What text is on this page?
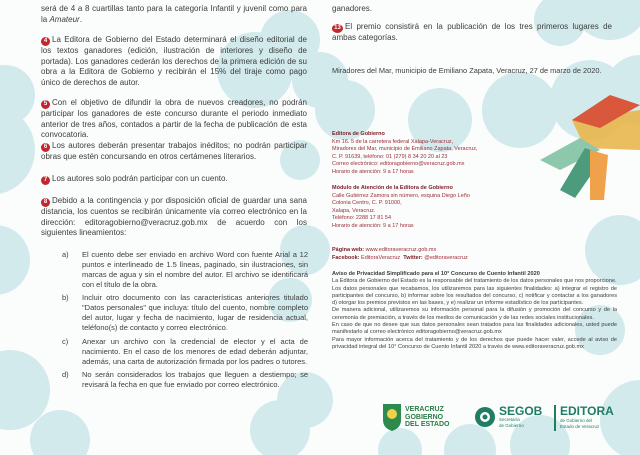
será de 4 a 8 cuartillas tanto para la categoría Infantil y juvenil como para la Amateur.

4 La Editora de Gobierno del Estado determinará el diseño editorial de los textos ganadores (edición, ilustración de interiores y diseño de portada). Los ganadores cederán los derechos de la primera edición de su obra a la Editora de Gobierno y recibirán el 15% del tiraje como pago único de derechos de autor.

5 Con el objetivo de difundir la obra de nuevos creadores, no podrán participar los ganadores de este concurso durante el periodo inmediato anterior de tres años, contados a partir de la fecha de publicación de esta convocatoria.

6 Los autores deberán presentar trabajos inéditos; no podrán participar obras que estén concursando en otros certámenes literarios.

7 Los autores solo podrán participar con un cuento.

8 Debido a la contingencia y por disposición oficial de guardar una sana distancia, los cuentos se recibirán únicamente vía correo electrónico en la dirección: editoragobierno@veracruz.gob.mx de acuerdo con los siguientes lineamientos:

a) El cuento debe ser enviado en archivo Word con fuente Arial a 12 puntos e interlineado de 1.5 líneas, paginado, sin ilustraciones, sin marcas de agua y sin el nombre del autor. El archivo se identificará con el título de la obra.
b) Incluir otro documento con las características anteriores titulado "Datos personales" que incluya: título del cuento, nombre completo del autor, lugar y fecha de nacimiento, lugar de residencia actual, teléfono(s) de contacto y correo electrónico.
c) Anexar un archivo con la credencial de elector y el acta de nacimiento. En el caso de los menores de edad deberán adjuntar, además, una carta de autorización firmada por los padres o tutores.
d) No serán considerados los trabajos que lleguen a destiempo; se revisará la fecha en que fue enviado por correo electrónico.

ganadores.

13 El premio consistirá en la publicación de los tres primeros lugares de ambas categorías.

Miradores del Mar, municipio de Emiliano Zapata, Veracruz, 27 de marzo de 2020.
Editora de Gobierno
Km 16. 5 de la carretera federal Xalapa-Veracruz,
Miradores del Mar, municipio de Emiliano Zapata, Veracruz,
C. P. 91639, teléfono: 01 (279) 8 34 20 20 al 23
Correo electrónico: editoragobierno@veracruz.gob.mx
Horario de atención: 9 a 17 horas
Módulo de Atención de la Editora de Gobierno
Calle Gutiérrez Zamora sin número, esquina Diego Leño
Colonia Centro, C. P. 91000,
Xalapa, Veracruz.
Teléfono: 2288 17 81 54
Horario de atención: 9 a 17 horas
Página web: www.editoraveracruz.gob.mx
Facebook: EditoraVeracruz Twitter: @editoraveracruz
Aviso de Privacidad Simplificado para el 10° Concurso de Cuento Infantil 2020
La Editora de Gobierno del Estado es la responsable del tratamiento de los datos personales que nos proporcione.
Los datos personales que recabamos, los utilizaremos para las siguientes finalidades: a) integrar el registro de participantes del concurso, b) informar sobre los resultados del concurso, c) notificar y contactar a los ganadores d) otorgar los premios previstos en las bases, y e) realizar un informe estadístico de los participantes.
De manera adicional, utilizaremos su información personal para la difusión y promoción del concurso y de la ceremonia de premiación, a través de los medios de comunicación y de las redes sociales institucionales.
En caso de que no desee que sus datos personales sean tratados para las finalidades adicionales, usted puede manifestarlo al correo electrónico editoragobierno@veracruz.gob.mx
Para mayor información acerca del tratamiento y de los derechos que puede hacer valer, accede al aviso de privacidad integral del 10° Concurso de Cuento Infantil 2020 a través de www.editoraveracruz.gob.mx
VERACRUZ
GOBIERNO
DEL ESTADO
SEGOB
Secretaría
de Gobierno
EDITORA
de Gobierno del
Estado de Veracruz
